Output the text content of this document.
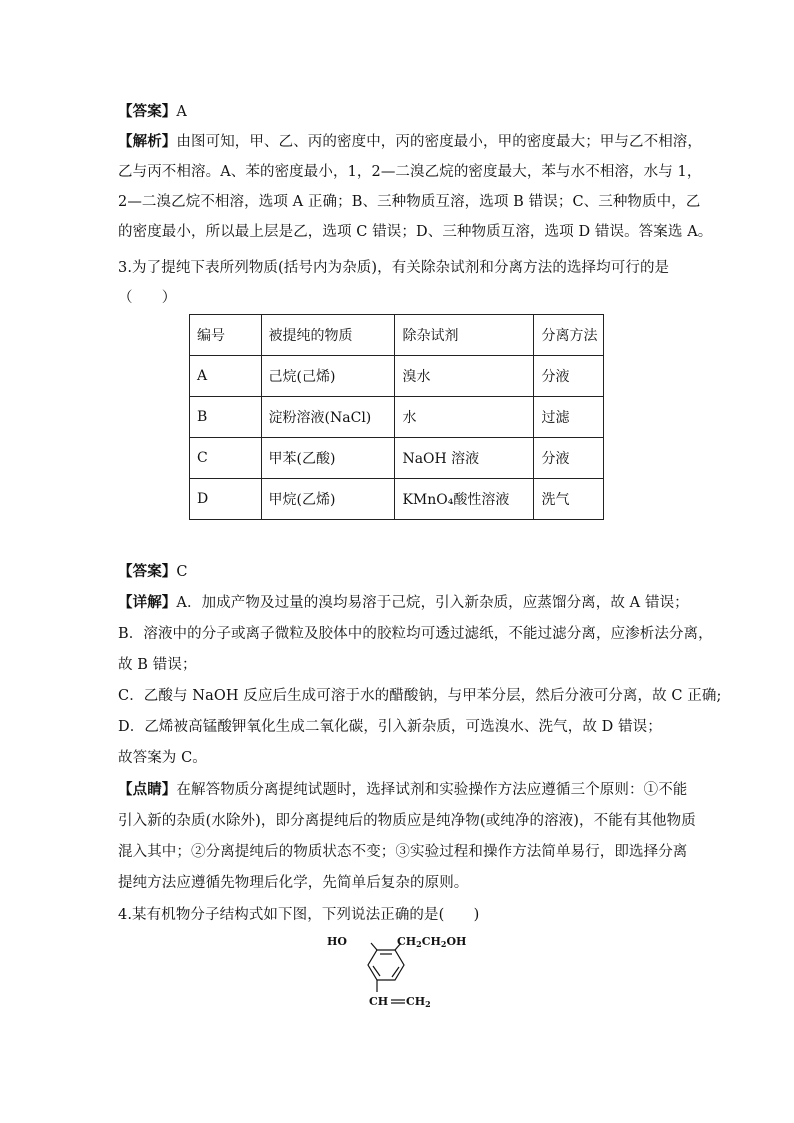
【答案】A
【解析】由图可知，甲、乙、丙的密度中，丙的密度最小，甲的密度最大；甲与乙不相溶，
乙与丙不相溶。A、苯的密度最小，1，2—二溴乙烷的密度最大，苯与水不相溶，水与 1，
2—二溴乙烷不相溶，选项 A 正确；B、三种物质互溶，选项 B 错误；C、三种物质中，乙
的密度最小，所以最上层是乙，选项 C 错误；D、三种物质互溶，选项 D 错误。答案选 A。
3.为了提纯下表所列物质(括号内为杂质)，有关除杂试剂和分离方法的选择均可行的是
（　　）
编号	被提纯的物质	除杂试剂	分离方法
A	己烷(己烯)	溴水	分液
B	淀粉溶液(NaCl)	水	过滤
C	甲苯(乙酸)	NaOH 溶液	分液
D	甲烷(乙烯)	KMnO₄酸性溶液	洗气
【答案】C
【详解】A．加成产物及过量的溴均易溶于己烷，引入新杂质，应蒸馏分离，故 A 错误；
B．溶液中的分子或离子微粒及胶体中的胶粒均可透过滤纸，不能过滤分离，应渗析法分离，
故 B 错误；
C．乙酸与 NaOH 反应后生成可溶于水的醋酸钠，与甲苯分层，然后分液可分离，故 C 正确;
D．乙烯被高锰酸钾氧化生成二氧化碳，引入新杂质，可选溴水、洗气，故 D 错误；
故答案为 C。
【点睛】在解答物质分离提纯试题时，选择试剂和实验操作方法应遵循三个原则：①不能
引入新的杂质(水除外)，即分离提纯后的物质应是纯净物(或纯净的溶液)，不能有其他物质
混入其中；②分离提纯后的物质状态不变；③实验过程和操作方法简单易行，即选择分离
提纯方法应遵循先物理后化学，先简单后复杂的原则。
4.某有机物分子结构式如下图，下列说法正确的是(　　)
HO	CH2CH2OH
CH CH2
